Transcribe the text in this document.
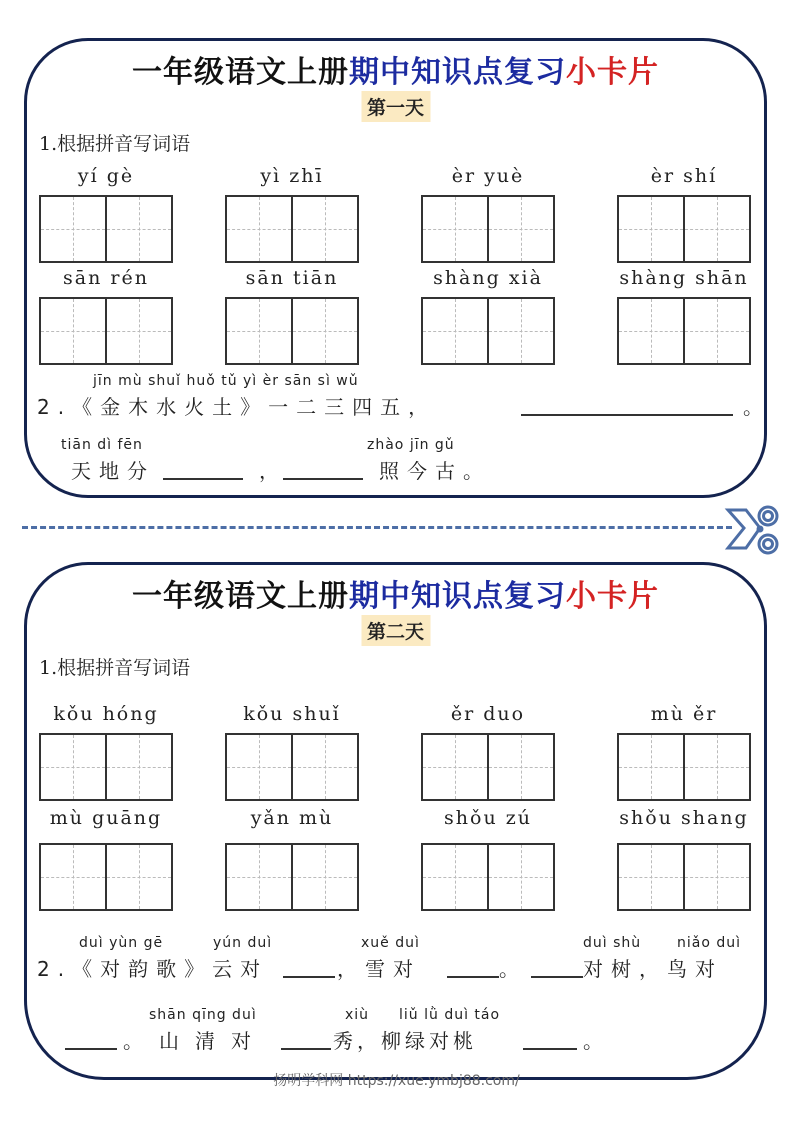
一年级语文上册期中知识点复习小卡片
第一天
1.根据拼音写词语
yí gè	yì zhī	èr yuè	èr shí
sān rén	sān tiān	shàng xià	shàng shān
jīn mù shuǐ huǒ tǔ yì èr sān sì wǔ
2.《金木水火土》一二三四五，	。
tiān dì fēn
天地分	，
zhào jīn gǔ
照今古。
一年级语文上册期中知识点复习小卡片
第二天
1.根据拼音写词语
kǒu hóng	kǒu shuǐ	ěr duo	mù ěr
mù guāng	yǎn mù	shǒu zú	shǒu shang
duì yùn gē	yún duì	xuě duì	duì shù	niǎo duì
2.《对韵歌》云对	，雪对	。	对树，鸟对
shān qīng duì	xiù liǔ lǜ duì táo
。山清对	秀，柳绿对桃	。
扬明学科网 https://xue.ymbj88.com/
